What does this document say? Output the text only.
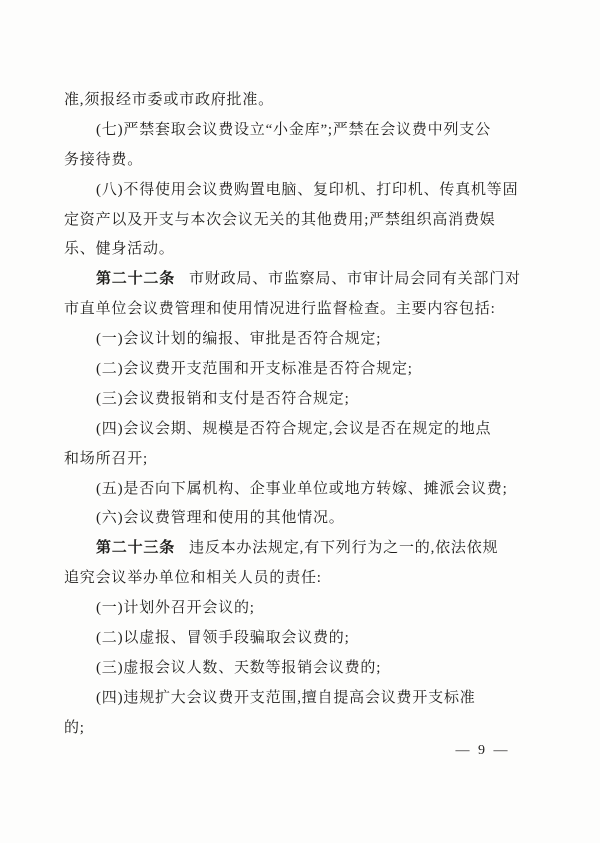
准,须报经市委或市政府批准。
(七)严禁套取会议费设立“小金库”;严禁在会议费中列支公
务接待费。
(八)不得使用会议费购置电脑、复印机、打印机、传真机等固
定资产以及开支与本次会议无关的其他费用;严禁组织高消费娱
乐、健身活动。
第二十二条 市财政局、市监察局、市审计局会同有关部门对
市直单位会议费管理和使用情况进行监督检查。主要内容包括:
(一)会议计划的编报、审批是否符合规定;
(二)会议费开支范围和开支标准是否符合规定;
(三)会议费报销和支付是否符合规定;
(四)会议会期、规模是否符合规定,会议是否在规定的地点
和场所召开;
(五)是否向下属机构、企事业单位或地方转嫁、摊派会议费;
(六)会议费管理和使用的其他情况。
第二十三条 违反本办法规定,有下列行为之一的,依法依规
追究会议举办单位和相关人员的责任:
(一)计划外召开会议的;
(二)以虚报、冒领手段骗取会议费的;
(三)虚报会议人数、天数等报销会议费的;
(四)违规扩大会议费开支范围,擅自提高会议费开支标准
的;
— 9 —
